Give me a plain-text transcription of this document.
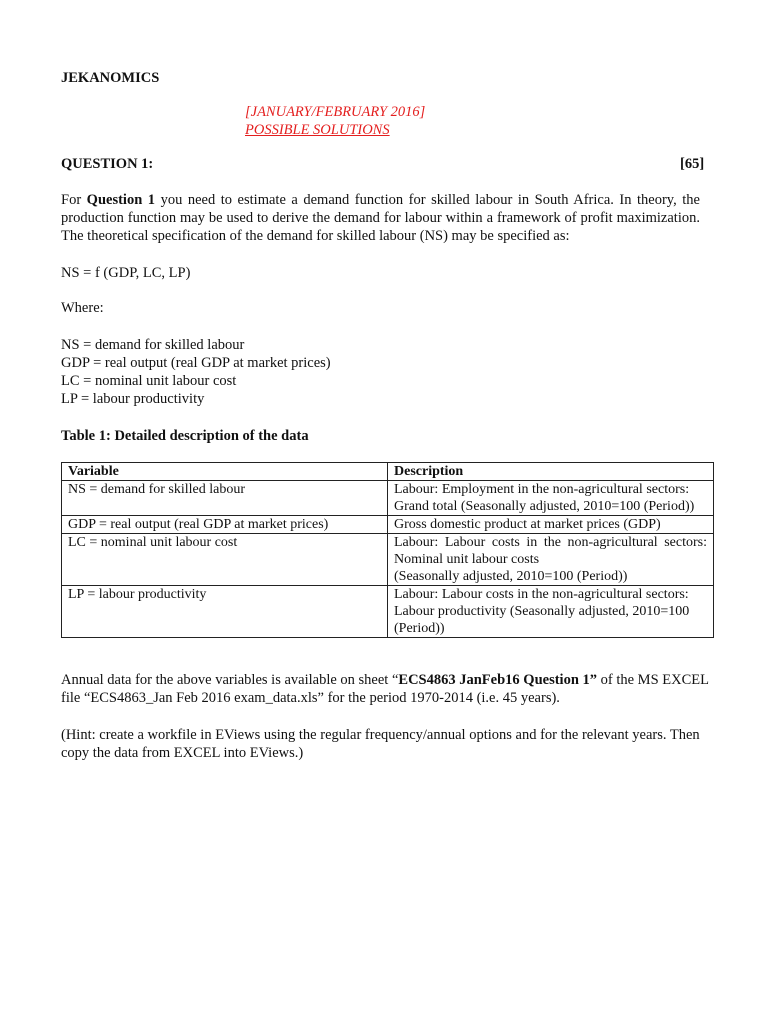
JEKANOMICS
[JANUARY/FEBRUARY 2016]
POSSIBLE SOLUTIONS
QUESTION 1:	[65]
For Question 1 you need to estimate a demand function for skilled labour in South Africa. In theory, the production function may be used to derive the demand for labour within a framework of profit maximization. The theoretical specification of the demand for skilled labour (NS) may be specified as:
NS = f (GDP, LC, LP)
Where:
NS = demand for skilled labour
GDP = real output (real GDP at market prices)
LC = nominal unit labour cost
LP = labour productivity
Table 1: Detailed description of the data
Variable	Description
NS = demand for skilled labour	Labour: Employment in the non-agricultural sectors: Grand total (Seasonally adjusted, 2010=100 (Period))
GDP = real output (real GDP at market prices)	Gross domestic product at market prices (GDP)
LC = nominal unit labour cost	Labour: Labour costs in the non-agricultural sectors: Nominal unit labour costs
(Seasonally adjusted, 2010=100 (Period))

LP = labour productivity	Labour: Labour costs in the non-agricultural sectors: Labour productivity (Seasonally adjusted, 2010=100 (Period))
Annual data for the above variables is available on sheet “ECS4863 JanFeb16 Question 1” of the MS EXCEL file “ECS4863_Jan Feb 2016 exam_data.xls” for the period 1970-2014 (i.e. 45 years).
(Hint: create a workfile in EViews using the regular frequency/annual options and for the relevant years. Then copy the data from EXCEL into EViews.)
